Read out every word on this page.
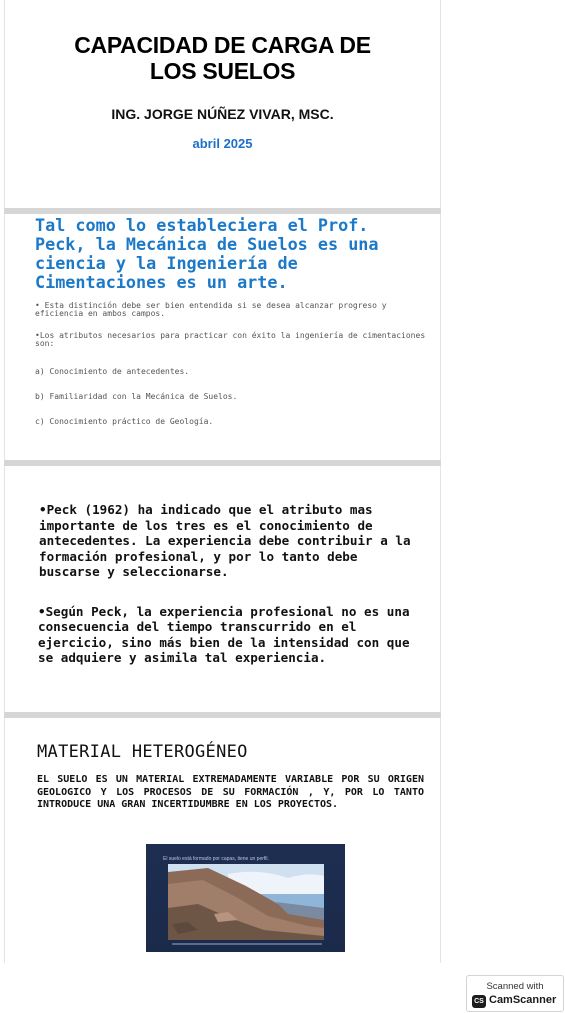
CAPACIDAD DE CARGA DE
LOS SUELOS
ING. JORGE NÚÑEZ VIVAR, MSC.
abril 2025
Tal como lo estableciera el Prof. Peck, la Mecánica de Suelos es una ciencia y la Ingeniería de Cimentaciones es un arte.
• Esta distinción debe ser bien entendida si se desea alcanzar progreso y eficiencia en ambos campos.
•Los atributos necesarios para practicar con éxito la ingeniería de cimentaciones son:
a) Conocimiento de antecedentes.
b) Familiaridad con la Mecánica de Suelos.
c) Conocimiento práctico de Geología.
•Peck (1962) ha indicado que el atributo mas importante de los tres es el conocimiento de antecedentes. La experiencia debe contribuir a la formación profesional, y por lo tanto debe buscarse y seleccionarse.
•Según Peck, la experiencia profesional no es una consecuencia del tiempo transcurrido en el ejercicio, sino más bien de la intensidad con que se adquiere y asimila tal experiencia.
MATERIAL HETEROGÉNEO
EL SUELO ES UN MATERIAL EXTREMADAMENTE VARIABLE POR SU ORIGEN GEOLOGICO Y LOS PROCESOS DE SU FORMACIÓN , Y, POR LO TANTO INTRODUCE UNA GRAN INCERTIDUMBRE EN LOS PROYECTOS.
El suelo está formado por capas, tiene un perfil.
Scanned with
CS CamScanner
